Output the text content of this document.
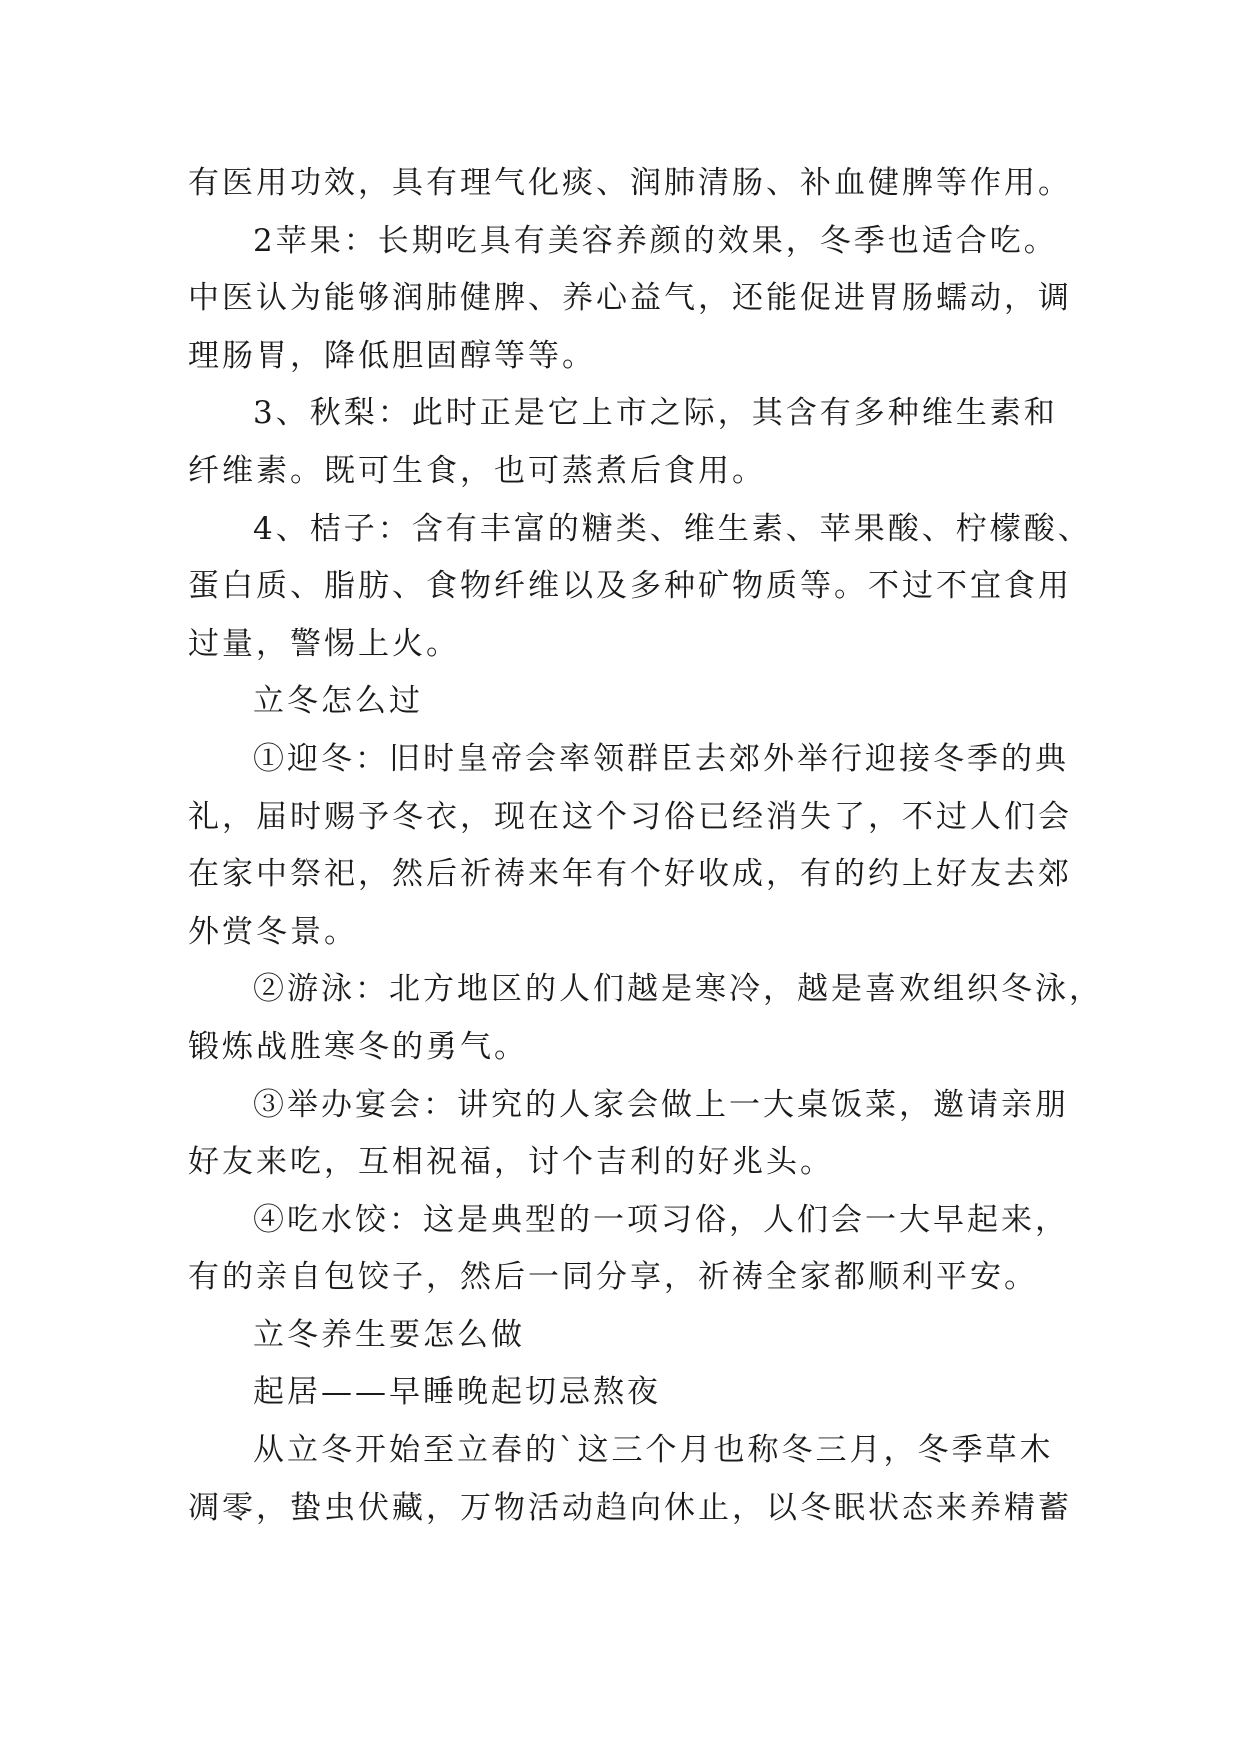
有医用功效，具有理气化痰、润肺清肠、补血健脾等作用。
2苹果：长期吃具有美容养颜的效果，冬季也适合吃。
中医认为能够润肺健脾、养心益气，还能促进胃肠蠕动，调
理肠胃，降低胆固醇等等。
3、秋梨：此时正是它上市之际，其含有多种维生素和
纤维素。既可生食，也可蒸煮后食用。
4、桔子：含有丰富的糖类、维生素、苹果酸、柠檬酸、
蛋白质、脂肪、食物纤维以及多种矿物质等。不过不宜食用
过量，警惕上火。
立冬怎么过
①迎冬：旧时皇帝会率领群臣去郊外举行迎接冬季的典
礼，届时赐予冬衣，现在这个习俗已经消失了，不过人们会
在家中祭祀，然后祈祷来年有个好收成，有的约上好友去郊
外赏冬景。
②游泳：北方地区的人们越是寒冷，越是喜欢组织冬泳，
锻炼战胜寒冬的勇气。
③举办宴会：讲究的人家会做上一大桌饭菜，邀请亲朋
好友来吃，互相祝福，讨个吉利的好兆头。
④吃水饺：这是典型的一项习俗，人们会一大早起来，
有的亲自包饺子，然后一同分享，祈祷全家都顺利平安。
立冬养生要怎么做
起居——早睡晚起切忌熬夜
从立冬开始至立春的`这三个月也称冬三月，冬季草木
凋零，蛰虫伏藏，万物活动趋向休止，以冬眠状态来养精蓄
